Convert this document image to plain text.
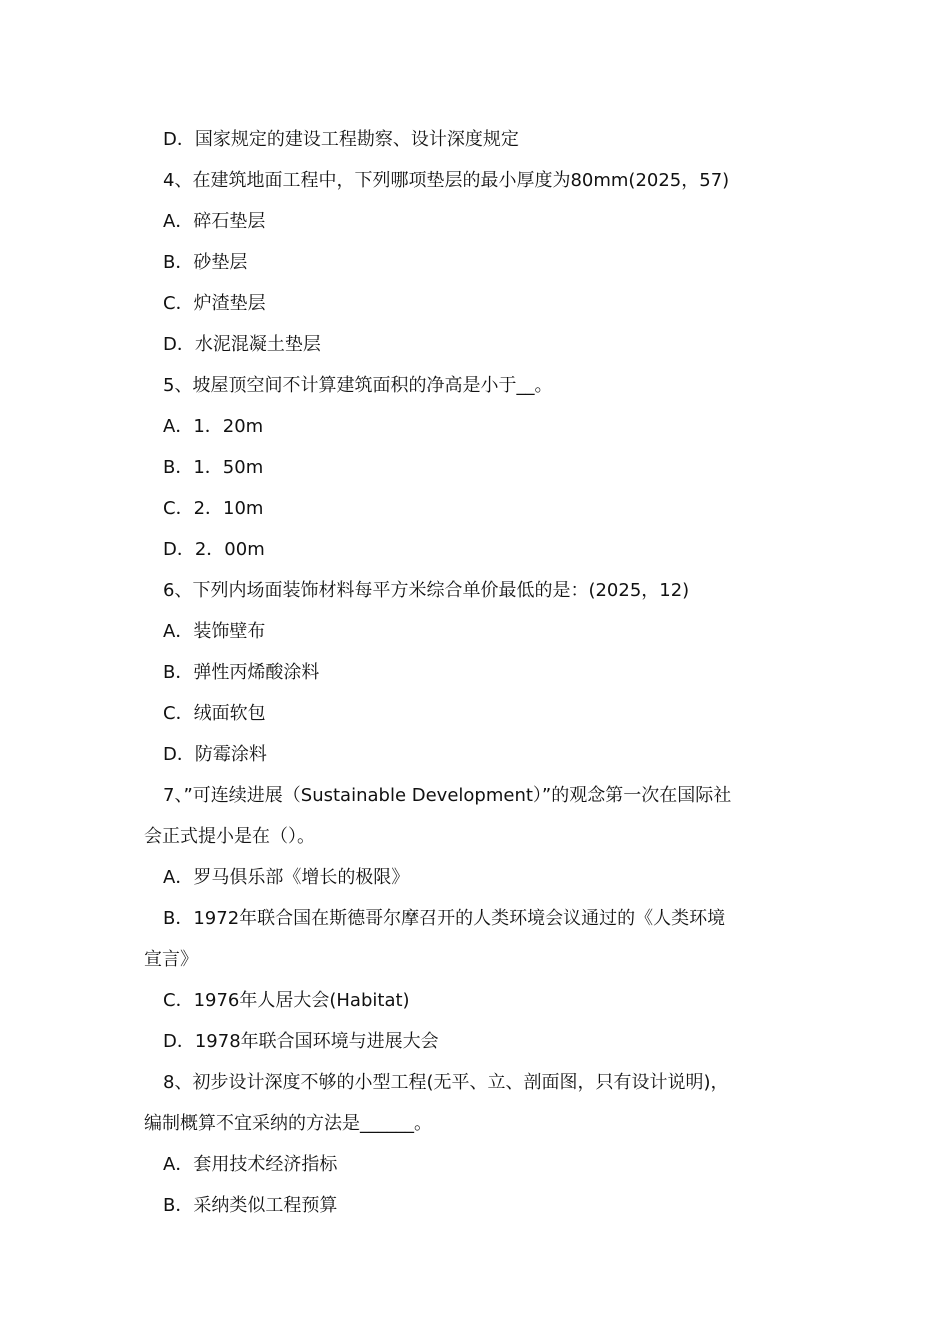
D．国家规定的建设工程勘察、设计深度规定
4、在建筑地面工程中，下列哪项垫层的最小厚度为80mm(2025，57)
A．碎石垫层
B．砂垫层
C．炉渣垫层
D．水泥混凝土垫层
5、坡屋顶空间不计算建筑面积的净高是小于__。
A．1．20m
B．1．50m
C．2．10m
D．2．00m
6、下列内场面装饰材料每平方米综合单价最低的是：(2025，12)
A．装饰壁布
B．弹性丙烯酸涂料
C．绒面软包
D．防霉涂料
7、”可连续进展（Sustainable Development）”的观念第一次在国际社
会正式提小是在（）。
A．罗马俱乐部《增长的极限》
B．1972年联合国在斯德哥尔摩召开的人类环境会议通过的《人类环境
宣言》
C．1976年人居大会(Habitat)
D．1978年联合国环境与进展大会
8、初步设计深度不够的小型工程(无平、立、剖面图，只有设计说明)，
编制概算不宜采纳的方法是______。
A．套用技术经济指标
B．采纳类似工程预算
